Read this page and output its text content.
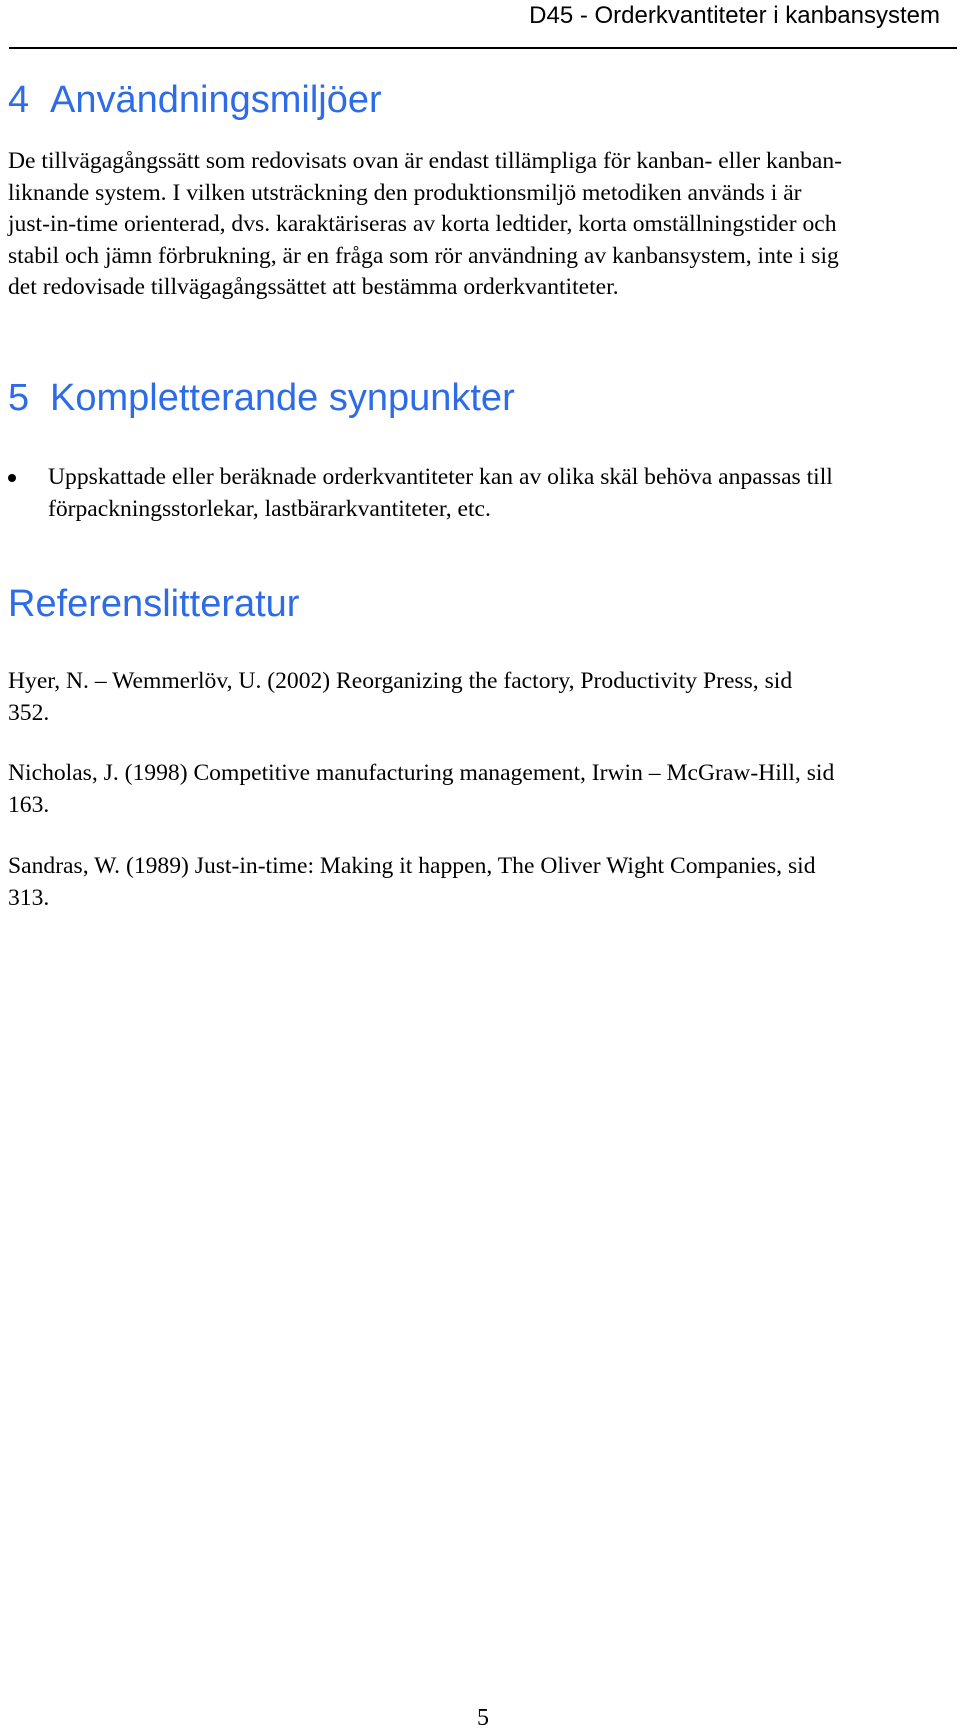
D45 - Orderkvantiteter i kanbansystem
4 Användningsmiljöer

De tillvägagångssätt som redovisats ovan är endast tillämpliga för kanban- eller kanban-
liknande system. I vilken utsträckning den produktionsmiljö metodiken används i är
just-in-time orienterad, dvs. karaktäriseras av korta ledtider, korta omställningstider och
stabil och jämn förbrukning, är en fråga som rör användning av kanbansystem, inte i sig
det redovisade tillvägagångssättet att bestämma orderkvantiteter.

5 Kompletterande synpunkter
Uppskattade eller beräknade orderkvantiteter kan av olika skäl behöva anpassas till
förpackningsstorlekar, lastbärarkvantiteter, etc.
Referenslitteratur

Hyer, N. – Wemmerlöv, U. (2002) Reorganizing the factory, Productivity Press, sid
352.

Nicholas, J. (1998) Competitive manufacturing management, Irwin – McGraw-Hill, sid
163.

Sandras, W. (1989) Just-in-time: Making it happen, The Oliver Wight Companies, sid
313.

5
